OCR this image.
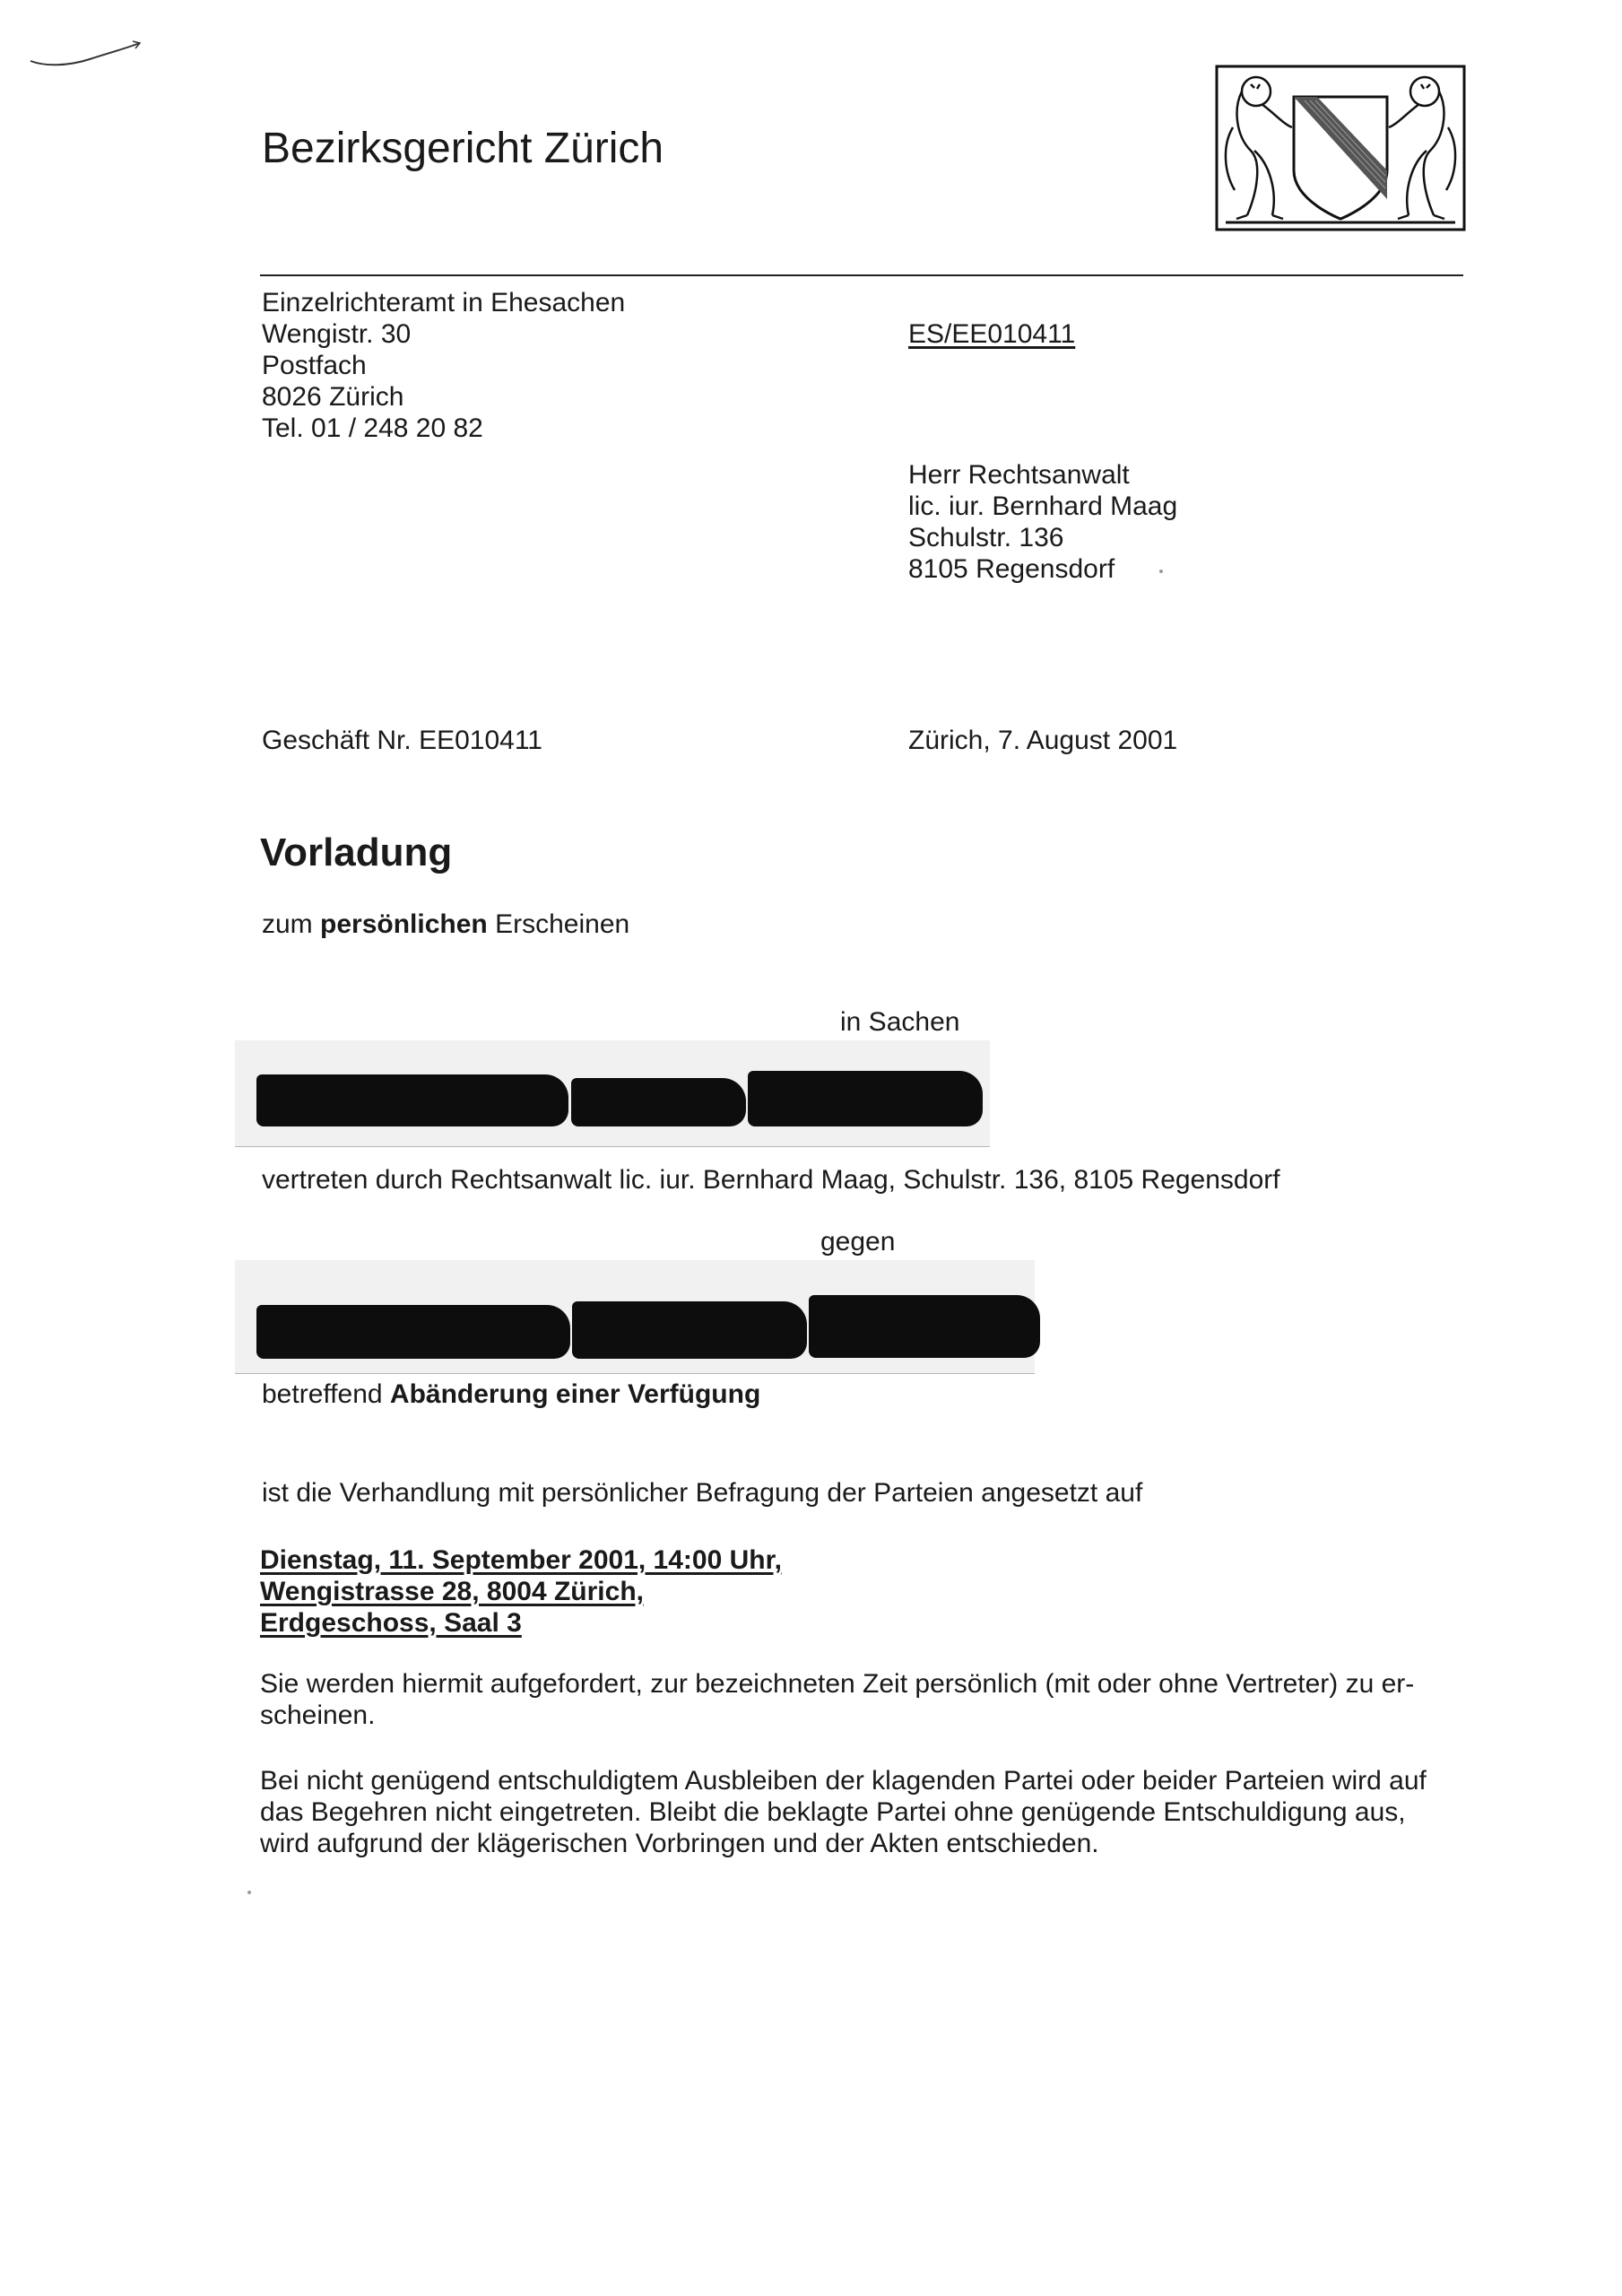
Bezirksgericht Zürich
Einzelrichteramt in Ehesachen
Wengistr. 30
Postfach
8026 Zürich
Tel. 01 / 248 20 82
ES/EE010411
Herr Rechtsanwalt
lic. iur. Bernhard Maag
Schulstr. 136
8105 Regensdorf
Geschäft Nr. EE010411	Zürich, 7. August 2001
Vorladung
zum persönlichen Erscheinen
in Sachen
vertreten durch Rechtsanwalt lic. iur. Bernhard Maag, Schulstr. 136, 8105 Regensdorf
gegen
betreffend Abänderung einer Verfügung
ist die Verhandlung mit persönlicher Befragung der Parteien angesetzt auf
Dienstag, 11. September 2001, 14:00 Uhr,
Wengistrasse 28, 8004 Zürich,
Erdgeschoss, Saal 3
Sie werden hiermit aufgefordert, zur bezeichneten Zeit persönlich (mit oder ohne Vertreter) zu er-
scheinen.
Bei nicht genügend entschuldigtem Ausbleiben der klagenden Partei oder beider Parteien wird auf
das Begehren nicht eingetreten. Bleibt die beklagte Partei ohne genügende Entschuldigung aus,
wird aufgrund der klägerischen Vorbringen und der Akten entschieden.
